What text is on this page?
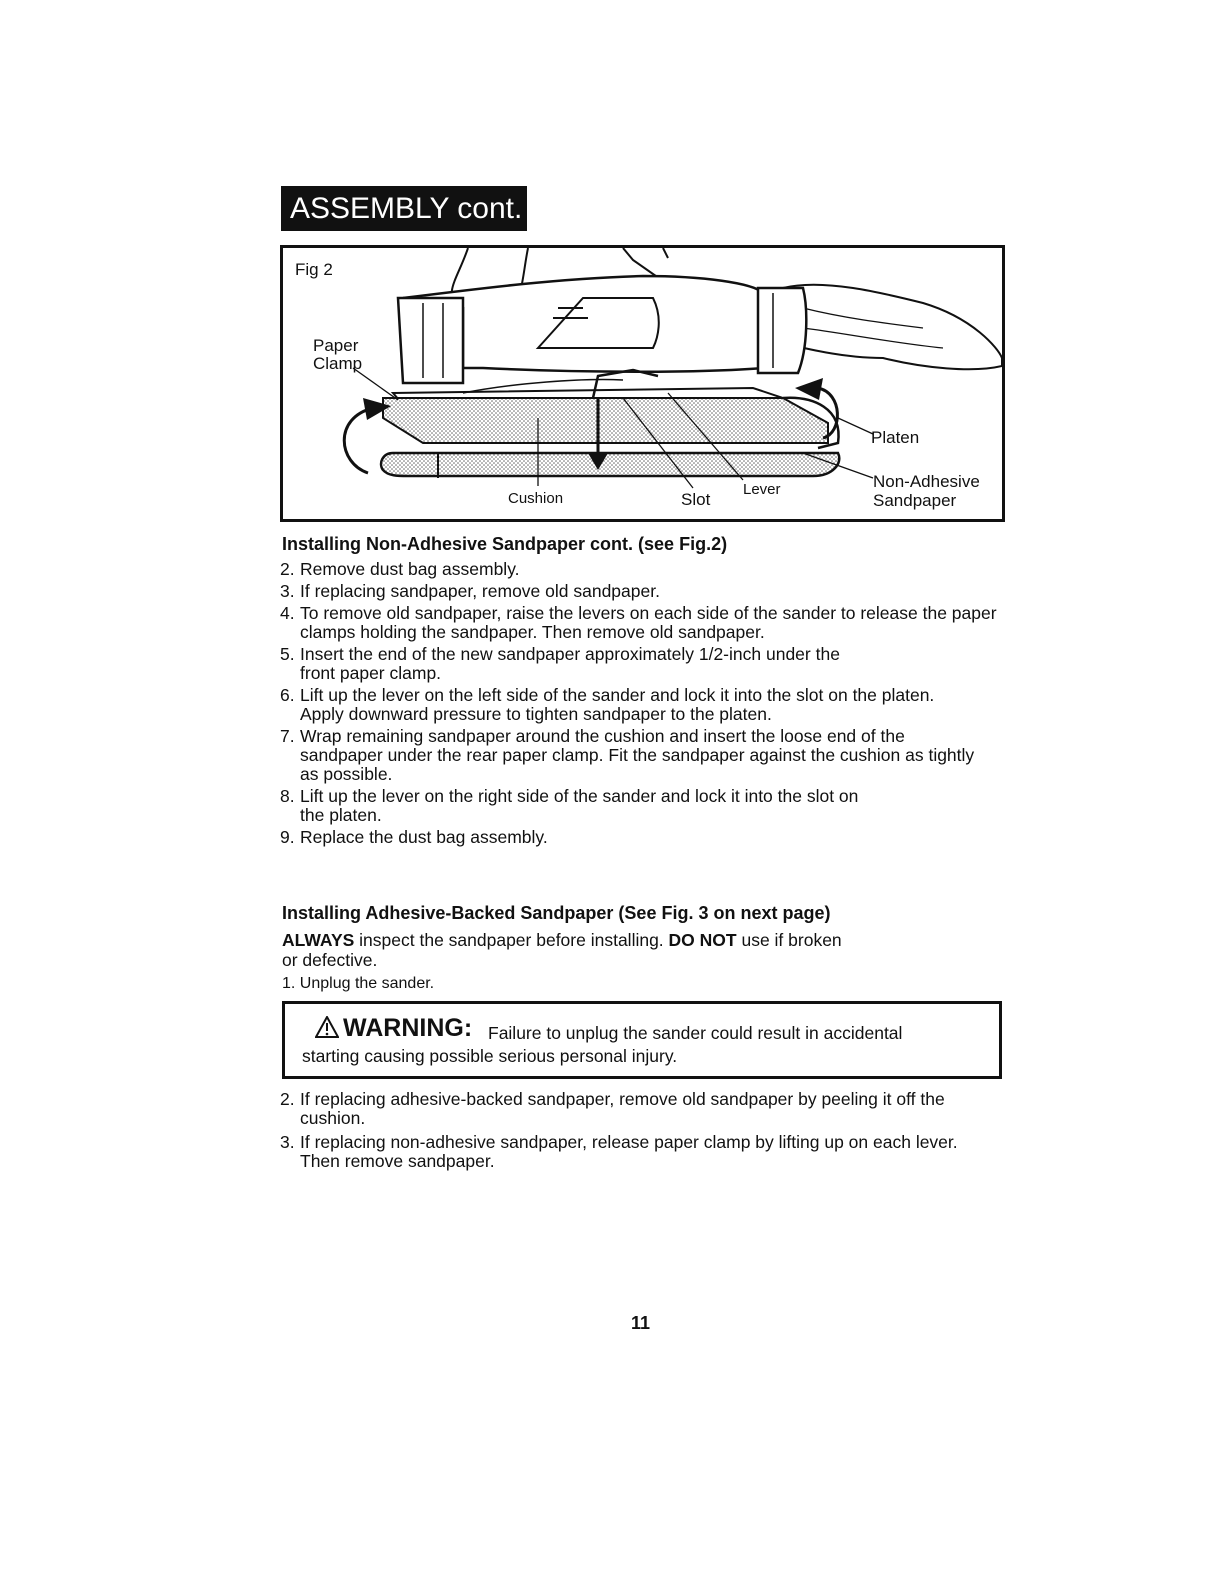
ASSEMBLY cont.
Fig 2
Paper
Clamp
Platen
Non-Adhesive
Sandpaper
Cushion	Slot
Lever
Installing Non-Adhesive Sandpaper cont. (see Fig.2)
2. Remove dust bag assembly.
3. If replacing sandpaper, remove old sandpaper.
4. To remove old sandpaper, raise the levers on each side of the sander to release the paper clamps holding the sandpaper. Then remove old sandpaper.
5. Insert the end of the new sandpaper approximately 1/2-inch under the front paper clamp.
6. Lift up the lever on the left side of the sander and lock it into the slot on the platen. Apply downward pressure to tighten sandpaper to the platen.
7. Wrap remaining sandpaper around the cushion and insert the loose end of the sandpaper under the rear paper clamp. Fit the sandpaper against the cushion as tightly as possible.
8. Lift up the lever on the right side of the sander and lock it into the slot on the platen.
9. Replace the dust bag assembly.
Installing Adhesive-Backed Sandpaper (See Fig. 3 on next page)
ALWAYS inspect the sandpaper before installing. DO NOT use if broken or defective.
1. Unplug the sander.
WARNING: Failure to unplug the sander could result in accidental
starting causing possible serious personal injury.
2. If replacing adhesive-backed sandpaper, remove old sandpaper by peeling it off the cushion.
3. If replacing non-adhesive sandpaper, release paper clamp by lifting up on each lever. Then remove sandpaper.
11
